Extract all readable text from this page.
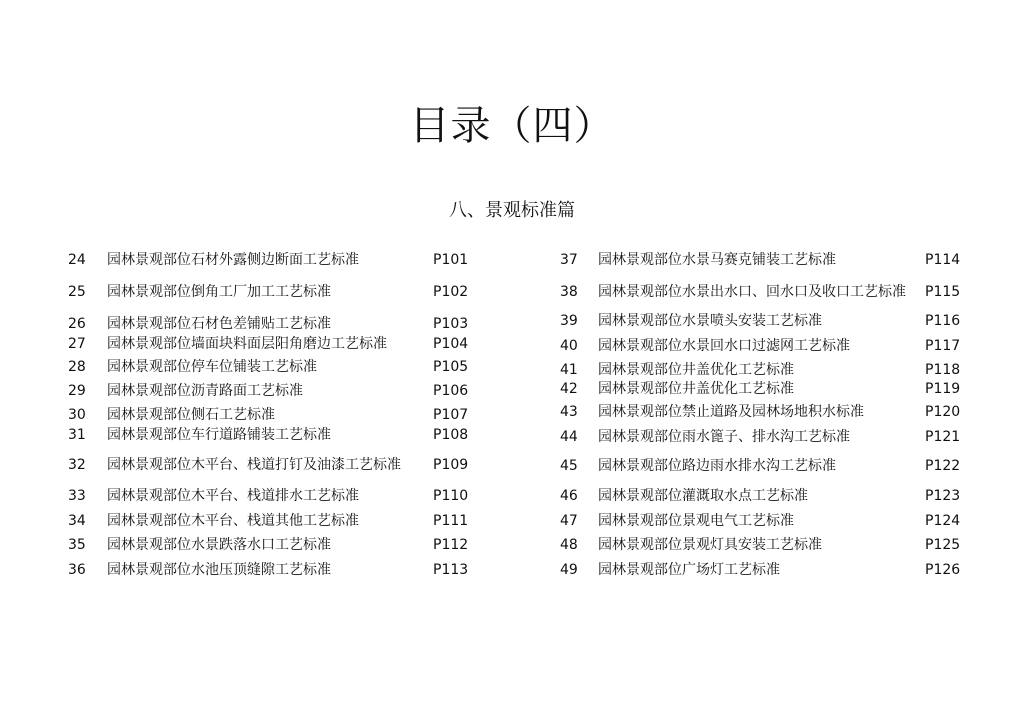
目录（四）
八、景观标准篇
24	园林景观部位石材外露侧边断面工艺标准	P101
25	园林景观部位倒角工厂加工工艺标准	P102
26	园林景观部位石材色差铺贴工艺标准	P103
27	园林景观部位墙面块料面层阳角磨边工艺标准	P104
28	园林景观部位停车位铺装工艺标准	P105
29	园林景观部位沥青路面工艺标准	P106
30	园林景观部位侧石工艺标准	P107
31	园林景观部位车行道路铺装工艺标准	P108
32	园林景观部位木平台、栈道打钉及油漆工艺标准	P109
33	园林景观部位木平台、栈道排水工艺标准	P110
34	园林景观部位木平台、栈道其他工艺标准	P111
35	园林景观部位水景跌落水口工艺标准	P112
36	园林景观部位水池压顶缝隙工艺标准	P113
37	园林景观部位水景马赛克铺装工艺标准	P114
38	园林景观部位水景出水口、回水口及收口工艺标准	P115
39	园林景观部位水景喷头安装工艺标准	P116
40	园林景观部位水景回水口过滤网工艺标准	P117
41	园林景观部位井盖优化工艺标准	P118
42	园林景观部位井盖优化工艺标准	P119
43	园林景观部位禁止道路及园林场地积水标准	P120
44	园林景观部位雨水篦子、排水沟工艺标准	P121
45	园林景观部位路边雨水排水沟工艺标准	P122
46	园林景观部位灌溉取水点工艺标准	P123
47	园林景观部位景观电气工艺标准	P124
48	园林景观部位景观灯具安装工艺标准	P125
49	园林景观部位广场灯工艺标准	P126
